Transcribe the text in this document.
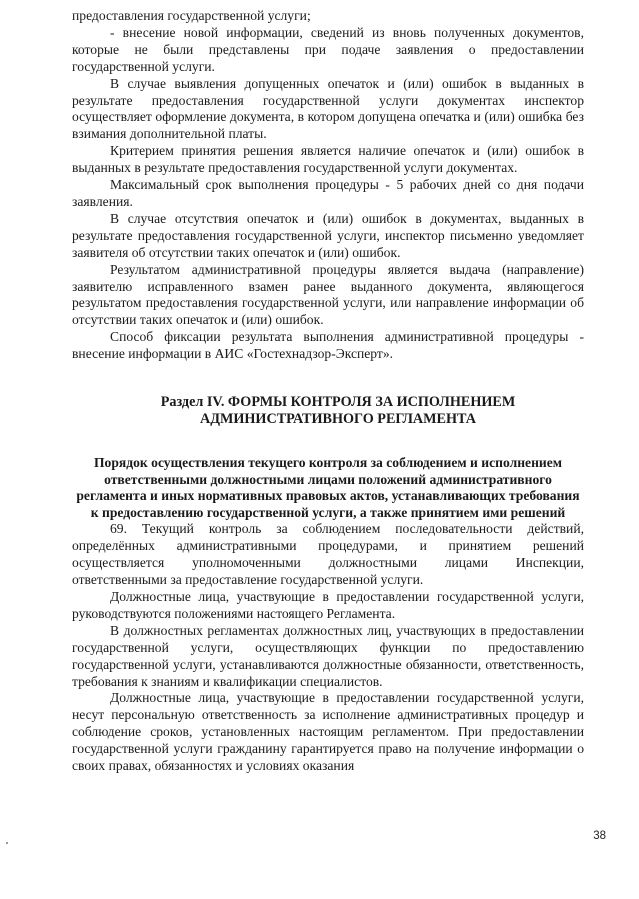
предоставления государственной услуги;

- внесение новой информации, сведений из вновь полученных документов, которые не были представлены при подаче заявления о предоставлении государственной услуги.

В случае выявления допущенных опечаток и (или) ошибок в выданных в результате предоставления государственной услуги документах инспектор осуществляет оформление документа, в котором допущена опечатка и (или) ошибка без взимания дополнительной платы.

Критерием принятия решения является наличие опечаток и (или) ошибок в выданных в результате предоставления государственной услуги документах.

Максимальный срок выполнения процедуры - 5 рабочих дней со дня подачи заявления.

В случае отсутствия опечаток и (или) ошибок в документах, выданных в результате предоставления государственной услуги, инспектор письменно уведомляет заявителя об отсутствии таких опечаток и (или) ошибок.

Результатом административной процедуры является выдача (направление) заявителю исправленного взамен ранее выданного документа, являющегося результатом предоставления государственной услуги, или направление информации об отсутствии таких опечаток и (или) ошибок.

Способ фиксации результата выполнения административной процедуры - внесение информации в АИС «Гостехнадзор-Эксперт».

Раздел IV. ФОРМЫ КОНТРОЛЯ ЗА ИСПОЛНЕНИЕМ
АДМИНИСТРАТИВНОГО РЕГЛАМЕНТА
Порядок осуществления текущего контроля за соблюдением и исполнением ответственными должностными лицами положений административного регламента и иных нормативных правовых актов, устанавливающих требования к предоставлению государственной услуги, а также принятием ими решений

69. Текущий контроль за соблюдением последовательности действий, определённых административными процедурами, и принятием решений осуществляется уполномоченными должностными лицами Инспекции, ответственными за предоставление государственной услуги.

Должностные лица, участвующие в предоставлении государственной услуги, руководствуются положениями настоящего Регламента.

В должностных регламентах должностных лиц, участвующих в предоставлении государственной услуги, осуществляющих функции по предоставлению государственной услуги, устанавливаются должностные обязанности, ответственность, требования к знаниям и квалификации специалистов.

Должностные лица, участвующие в предоставлении государственной услуги, несут персональную ответственность за исполнение административных процедур и соблюдение сроков, установленных настоящим регламентом. При предоставлении государственной услуги гражданину гарантируется право на получение информации о своих правах, обязанностях и условиях оказания

38
